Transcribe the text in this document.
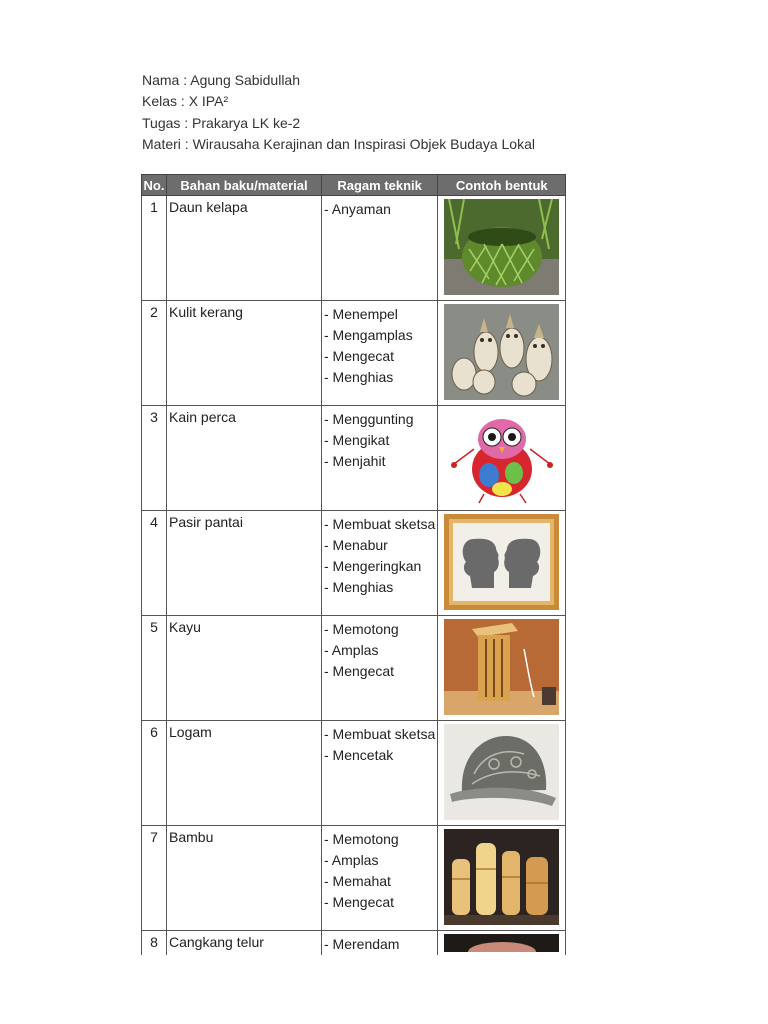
Nama : Agung Sabidullah
Kelas : X IPA²
Tugas : Prakarya LK ke-2
Materi : Wirausaha Kerajinan dan Inspirasi Objek Budaya Lokal
No.	Bahan baku/material	Ragam teknik	Contoh bentuk
1	Daun kelapa	- Anyaman

2	Kulit kerang	- Menempel
- Mengamplas
- Mengecat
- Menghias

3	Kain perca	- Menggunting
- Mengikat
- Menjahit

4	Pasir pantai	- Membuat sketsa
- Menabur
- Mengeringkan
- Menghias

5	Kayu	- Memotong
- Amplas
- Mengecat

6	Logam	- Membuat sketsa
- Mencetak

7	Bambu	- Memotong
- Amplas
- Memahat
- Mengecat

8	Cangkang telur	- Merendam
